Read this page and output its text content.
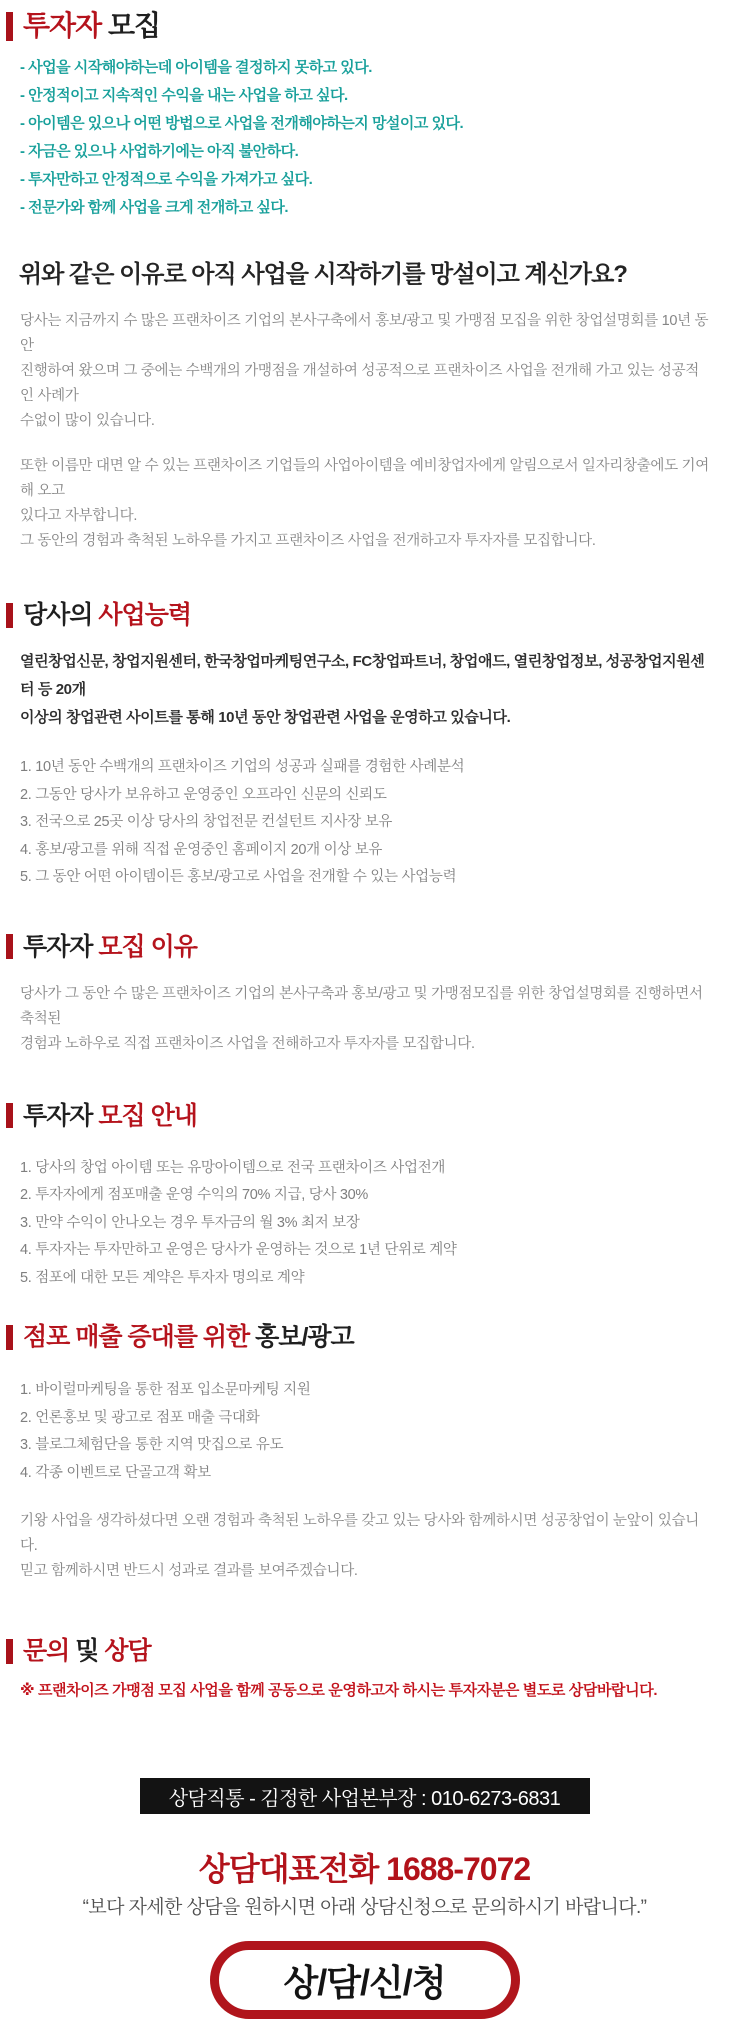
투자자 모집
- 사업을 시작해야하는데 아이템을 결정하지 못하고 있다.
- 안정적이고 지속적인 수익을 내는 사업을 하고 싶다.
- 아이템은 있으나 어떤 방법으로 사업을 전개해야하는지 망설이고 있다.
- 자금은 있으나 사업하기에는 아직 불안하다.
- 투자만하고 안정적으로 수익을 가져가고 싶다.
- 전문가와 함께 사업을 크게 전개하고 싶다.
위와 같은 이유로 아직 사업을 시작하기를 망설이고 계신가요?
당사는 지금까지 수 많은 프랜차이즈 기업의 본사구축에서 홍보/광고 및 가맹점 모집을 위한 창업설명회를 10년 동안
진행하여 왔으며 그 중에는 수백개의 가맹점을 개설하여 성공적으로 프랜차이즈 사업을 전개해 가고 있는 성공적인 사례가
수없이 많이 있습니다.
또한 이름만 대면 알 수 있는 프랜차이즈 기업들의 사업아이템을 예비창업자에게 알림으로서 일자리창출에도 기여해 오고
있다고 자부합니다.
그 동안의 경험과 축척된 노하우를 가지고 프랜차이즈 사업을 전개하고자 투자자를 모집합니다.
당사의 사업능력
열린창업신문, 창업지원센터, 한국창업마케팅연구소, FC창업파트너, 창업애드, 열린창업정보, 성공창업지원센터 등 20개
이상의 창업관련 사이트를 통해 10년 동안 창업관련 사업을 운영하고 있습니다.
1. 10년 동안 수백개의 프랜차이즈 기업의 성공과 실패를 경험한 사례분석
2. 그동안 당사가 보유하고 운영중인 오프라인 신문의 신뢰도
3. 전국으로 25곳 이상 당사의 창업전문 컨설턴트 지사장 보유
4. 홍보/광고를 위해 직접 운영중인 홈페이지 20개 이상 보유
5. 그 동안 어떤 아이템이든 홍보/광고로 사업을 전개할 수 있는 사업능력
투자자 모집 이유
당사가 그 동안 수 많은 프랜차이즈 기업의 본사구축과 홍보/광고 및 가맹점모집를 위한 창업설명회를 진행하면서 축척된
경험과 노하우로 직접 프랜차이즈 사업을 전해하고자 투자자를 모집합니다.
투자자 모집 안내
1. 당사의 창업 아이템 또는 유망아이템으로 전국 프랜차이즈 사업전개
2. 투자자에게 점포매출 운영 수익의 70% 지급, 당사 30%
3. 만약 수익이 안나오는 경우 투자금의 월 3% 최저 보장
4. 투자자는 투자만하고 운영은 당사가 운영하는 것으로 1년 단위로 계약
5. 점포에 대한 모든 계약은 투자자 명의로 계약
점포 매출 증대를 위한 홍보/광고
1. 바이럴마케팅을 통한 점포 입소문마케팅 지원
2. 언론홍보 및 광고로 점포 매출 극대화
3. 블로그체험단을 통한 지역 맛집으로 유도
4. 각종 이벤트로 단골고객 확보
기왕 사업을 생각하셨다면 오랜 경험과 축척된 노하우를 갖고 있는 당사와 함께하시면 성공창업이 눈앞이 있습니다.
믿고 함께하시면 반드시 성과로 결과를 보여주겠습니다.
문의 및 상담
※ 프랜차이즈 가맹점 모집 사업을 함께 공동으로 운영하고자 하시는 투자자분은 별도로 상담바랍니다.
상담직통 - 김정한 사업본부장 : 010-6273-6831
상담대표전화 1688-7072
“보다 자세한 상담을 원하시면 아래 상담신청으로 문의하시기 바랍니다.”
상/담/신/청
